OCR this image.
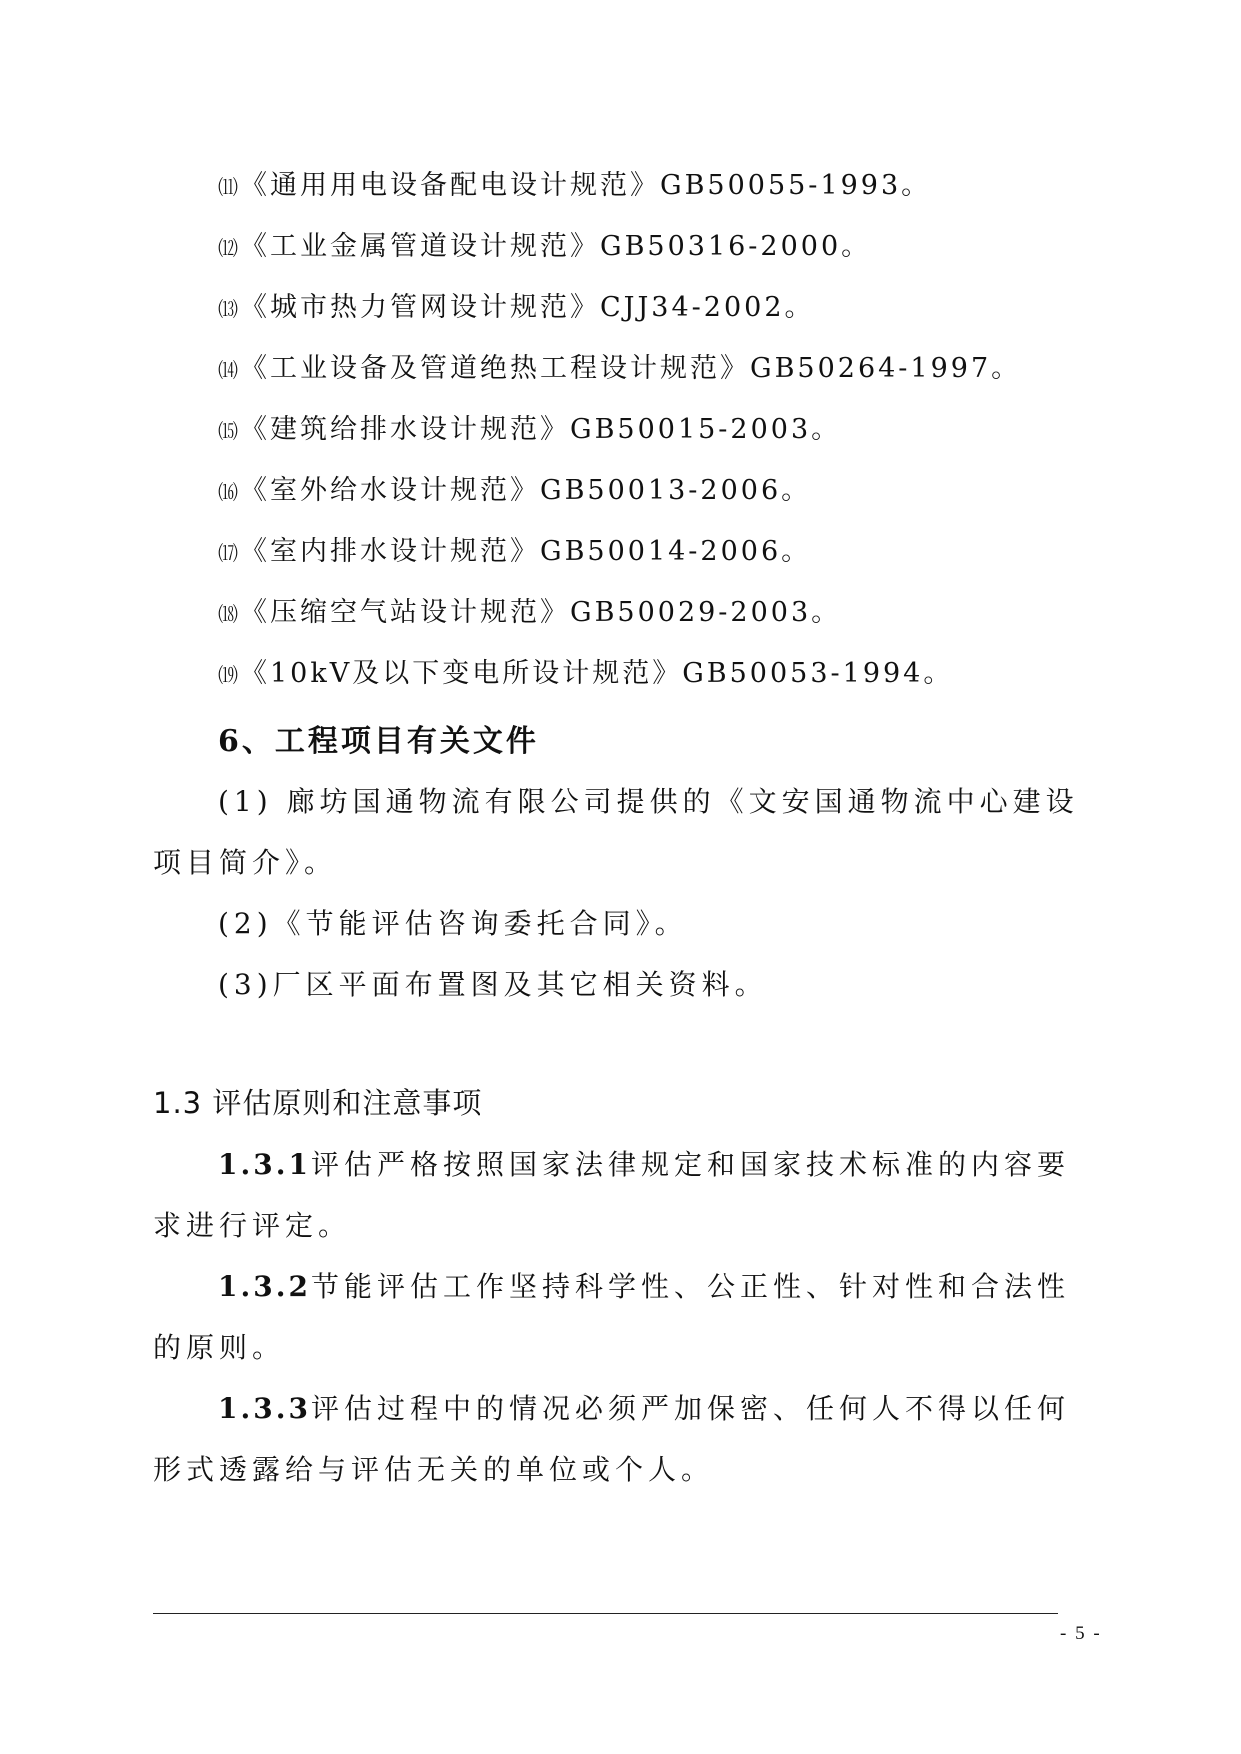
⑾《通用用电设备配电设计规范》GB50055-1993。
⑿《工业金属管道设计规范》GB50316-2000。
⒀《城市热力管网设计规范》CJJ34-2002。
⒁《工业设备及管道绝热工程设计规范》GB50264-1997。
⒂《建筑给排水设计规范》GB50015-2003。
⒃《室外给水设计规范》GB50013-2006。
⒄《室内排水设计规范》GB50014-2006。
⒅《压缩空气站设计规范》GB50029-2003。
⒆《10kV及以下变电所设计规范》GB50053-1994。
6、工程项目有关文件
(1) 廊坊国通物流有限公司提供的《文安国通物流中心建设项目简介》。
(2)《节能评估咨询委托合同》。
(3)厂区平面布置图及其它相关资料。
1.3 评估原则和注意事项
1.3.1评估严格按照国家法律规定和国家技术标准的内容要求进行评定。
1.3.2节能评估工作坚持科学性、公正性、针对性和合法性的原则。
1.3.3评估过程中的情况必须严加保密、任何人不得以任何形式透露给与评估无关的单位或个人。
- 5 -
